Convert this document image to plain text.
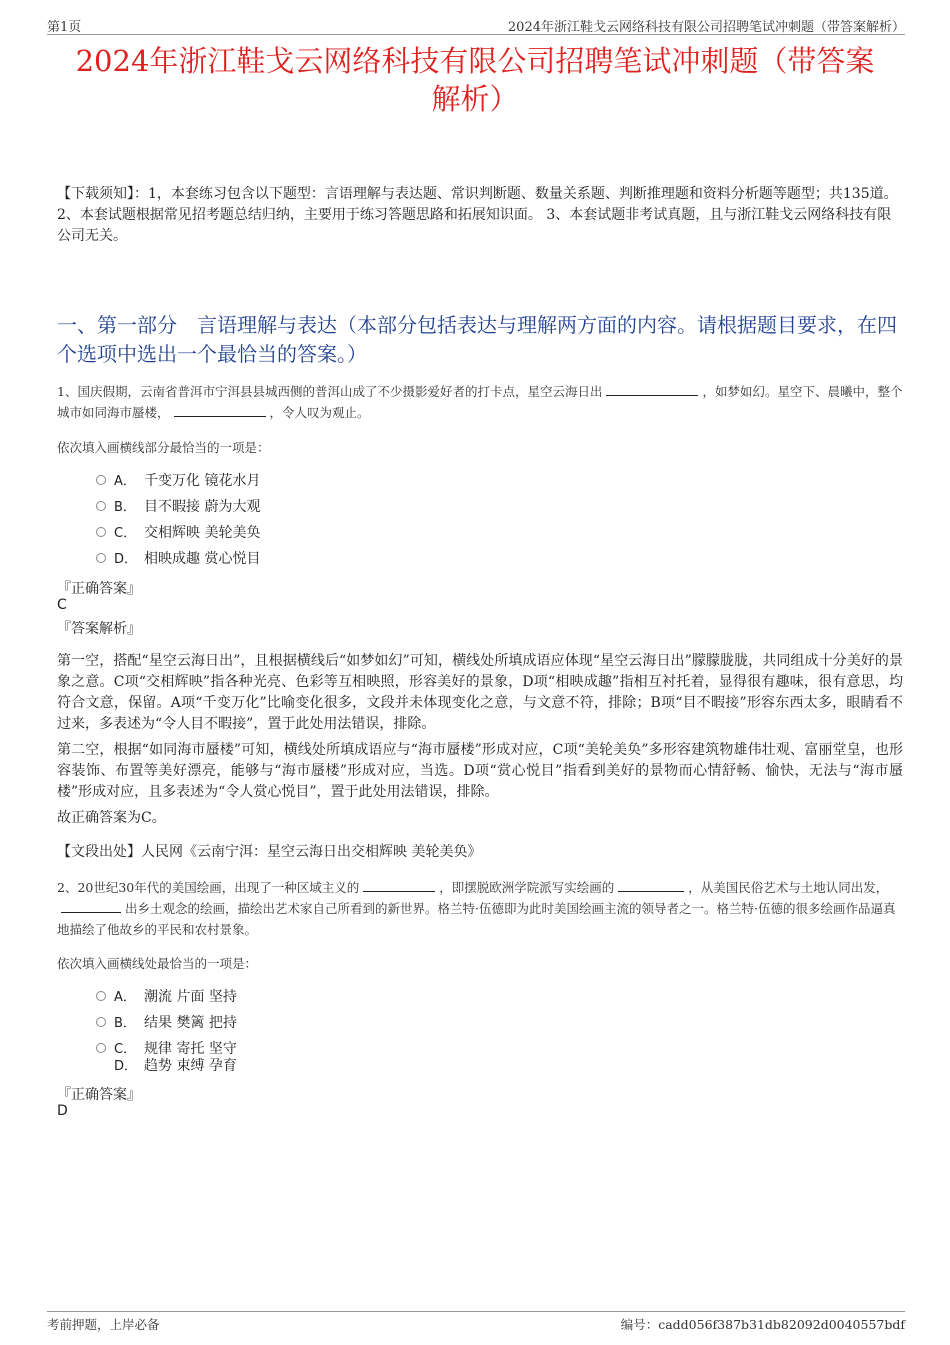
第1页	2024年浙江鞋戈云网络科技有限公司招聘笔试冲刺题（带答案解析）
2024年浙江鞋戈云网络科技有限公司招聘笔试冲刺题（带答案
解析）
【下载须知】：1，本套练习包含以下题型：言语理解与表达题、常识判断题、数量关系题、判断推理题和资料分析题等题型；共135道。 2、本套试题根据常见招考题总结归纳，主要用于练习答题思路和拓展知识面。 3、本套试题非考试真题，且与浙江鞋戈云网络科技有限公司无关。
一、第一部分　言语理解与表达（本部分包括表达与理解两方面的内容。请根据题目要求，在四个选项中选出一个最恰当的答案。）
1、国庆假期，云南省普洱市宁洱县县城西侧的普洱山成了不少摄影爱好者的打卡点，星空云海日出	，如梦如幻。星空下、晨曦中，整个城市如同海市蜃楼，	，令人叹为观止。
依次填入画横线部分最恰当的一项是：
A． 千变万化 镜花水月
B． 目不暇接 蔚为大观
C． 交相辉映 美轮美奂
D． 相映成趣 赏心悦目
『正确答案』
C
『答案解析』
第一空，搭配“星空云海日出”，且根据横线后“如梦如幻”可知，横线处所填成语应体现“星空云海日出”朦朦胧胧，共同组成十分美好的景象之意。C项“交相辉映”指各种光亮、色彩等互相映照，形容美好的景象，D项“相映成趣”指相互衬托着，显得很有趣味，很有意思，均符合文意，保留。A项“千变万化”比喻变化很多，文段并未体现变化之意，与文意不符，排除；B项“目不暇接”形容东西太多，眼睛看不过来，多表述为“令人目不暇接”，置于此处用法错误，排除。
第二空，根据“如同海市蜃楼”可知，横线处所填成语应与“海市蜃楼”形成对应，C项“美轮美奂”多形容建筑物雄伟壮观、富丽堂皇，也形容装饰、布置等美好漂亮，能够与“海市蜃楼”形成对应，当选。D项“赏心悦目”指看到美好的景物而心情舒畅、愉快，无法与“海市蜃楼”形成对应，且多表述为“令人赏心悦目”，置于此处用法错误，排除。
故正确答案为C。
【文段出处】人民网《云南宁洱：星空云海日出交相辉映 美轮美奂》
2、20世纪30年代的美国绘画，出现了一种区域主义的	，即摆脱欧洲学院派写实绘画的	，从美国民俗艺术与土地认同出发，出乡土观念的绘画，描绘出艺术家自己所看到的新世界。格兰特·伍德即为此时美国绘画主流的领导者之一。格兰特·伍德的很多绘画作品逼真地描绘了他故乡的平民和农村景象。
依次填入画横线处最恰当的一项是：
A． 潮流 片面 坚持
B． 结果 樊篱 把持
C． 规律 寄托 坚守
D． 趋势 束缚 孕育
『正确答案』
D
考前押题，上岸必备	编号：cadd056f387b31db82092d0040557bdf
